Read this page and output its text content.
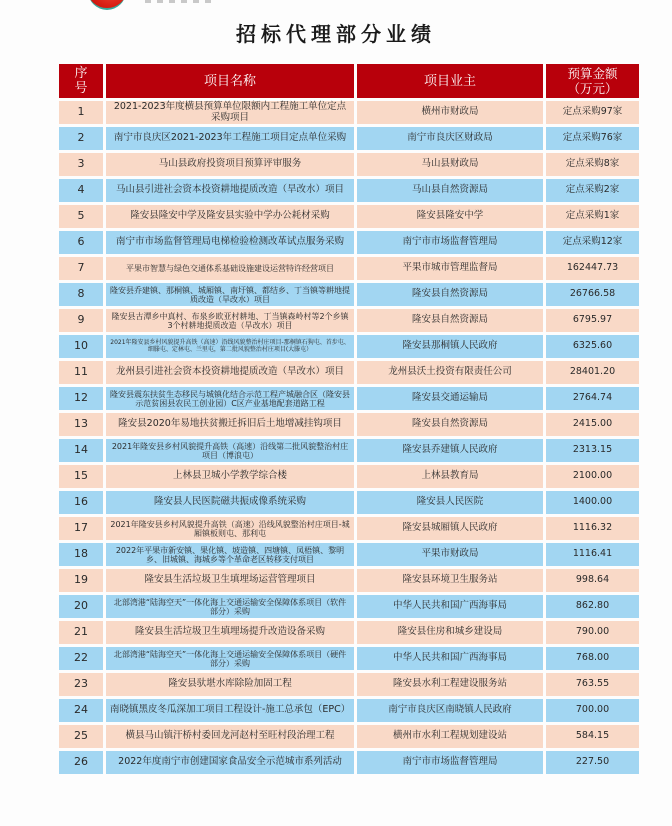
招标代理部分业绩
序号	项目名称	项目业主	预算金额
（万元）

1	2021-2023年度横县预算单位限额内工程施工单位定点采购项目	横州市财政局	定点采购97家
2	南宁市良庆区2021-2023年工程施工项目定点单位采购	南宁市良庆区财政局	定点采购76家
3	马山县政府投资项目预算评审服务	马山县财政局	定点采购8家
4	马山县引进社会资本投资耕地提质改造（旱改水）项目	马山县自然资源局	定点采购2家
5	隆安县隆安中学及隆安县实验中学办公耗材采购	隆安县隆安中学	定点采购1家
6	南宁市市场监督管理局电梯检验检测改革试点服务采购	南宁市市场监督管理局	定点采购12家
7	平果市智慧与绿色交通体系基础设施建设运营特许经营项目	平果市城市管理监督局	162447.73
8	隆安县乔建镇、那桐镇、城厢镇、南圩镇、都结乡、丁当镇等耕地提质改造（旱改水）项目	隆安县自然资源局	26766.58
9	隆安县古潭乡中真村、布泉乡欧亚村耕地、丁当镇森岭村等2个乡镇3个村耕地提质改造（旱改水）项目	隆安县自然资源局	6795.97
10	2021年隆安县乡村风貌提升高铁（高速）沿线风貌整治村庄项目-那桐镇石狗屯、首步屯、细滕屯、定林屯、兰里屯，第二批风貌整治村庄项目(大滕屯）	隆安县那桐镇人民政府	6325.60
11	龙州县引进社会资本投资耕地提质改造（旱改水）项目	龙州县沃土投资有限责任公司	28401.20
12	隆安县震东扶贫生态移民与城镇化结合示范工程产城融合区（隆安县示范贫困县农民工创业园）C区产业基地配套道路工程	隆安县交通运输局	2764.74
13	隆安县2020年易地扶贫搬迁拆旧后土地增减挂钩项目	隆安县自然资源局	2415.00
14	2021年隆安县乡村风貌提升高铁（高速）沿线第二批风貌整治村庄项目（博浪屯）	隆安县乔建镇人民政府	2313.15
15	上林县卫城小学教学综合楼	上林县教育局	2100.00
16	隆安县人民医院磁共振成像系统采购	隆安县人民医院	1400.00
17	2021年隆安县乡村风貌提升高铁（高速）沿线风貌整治村庄项目-城厢镇板则屯、那利屯	隆安县城厢镇人民政府	1116.32
18	2022年平果市新安镇、果化镇、坡造镇、四塘镇、凤梧镇、黎明乡、旧城镇、海城乡等个革命老区转移支付项目	平果市财政局	1116.41
19	隆安县生活垃圾卫生填埋场运营管理项目	隆安县环境卫生服务站	998.64
20	北部湾港“陆海空天”一体化海上交通运输安全保障体系项目（软件部分）采购	中华人民共和国广西海事局	862.80
21	隆安县生活垃圾卫生填埋场提升改造设备采购	隆安县住房和城乡建设局	790.00
22	北部湾港“陆海空天”一体化海上交通运输安全保障体系项目（硬件部分）采购	中华人民共和国广西海事局	768.00
23	隆安县驮堪水库除险加固工程	隆安县水利工程建设服务站	763.55
24	南晓镇黑皮冬瓜深加工项目工程设计-施工总承包（EPC）	南宁市良庆区南晓镇人民政府	700.00
25	横县马山镇汗桥村委回龙河赵村至旺村段治理工程	横州市水利工程规划建设站	584.15
26	2022年度南宁市创建国家食品安全示范城市系列活动	南宁市市场监督管理局	227.50
